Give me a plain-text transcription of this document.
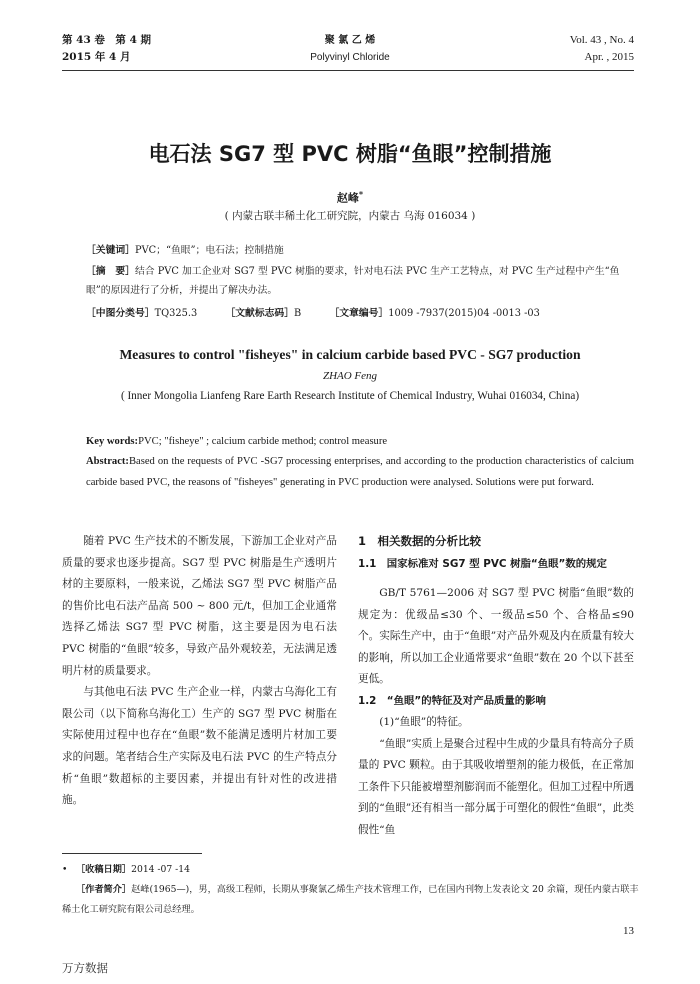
第 43 卷　第 4 期
2015 年 4 月
聚 氯 乙 烯
Polyvinyl Chloride
Vol. 43 , No. 4
Apr. , 2015
电石法 SG7 型 PVC 树脂“鱼眼”控制措施
赵峰*
( 内蒙古联丰稀土化工研究院，内蒙古 乌海 016034 )
［关键词］PVC；“鱼眼”；电石法；控制措施
［摘　要］结合 PVC 加工企业对 SG7 型 PVC 树脂的要求，针对电石法 PVC 生产工艺特点，对 PVC 生产过程中产生“鱼眼”的原因进行了分析，并提出了解决办法。
［中图分类号］TQ325.3	［文献标志码］B	［文章编号］1009 -7937(2015)04 -0013 -03
Measures to control "fisheyes" in calcium carbide based PVC - SG7 production
ZHAO Feng
( Inner Mongolia Lianfeng Rare Earth Research Institute of Chemical Industry, Wuhai 016034, China)
Key words:PVC; "fisheye" ; calcium carbide method; control measure
Abstract:Based on the requests of PVC -SG7 processing enterprises, and according to the production characteristics of calcium carbide based PVC, the reasons of "fisheyes" generating in PVC production were analysed. Solutions were put forward.

随着 PVC 生产技术的不断发展，下游加工企业对产品质量的要求也逐步提高。SG7 型 PVC 树脂是生产透明片材的主要原料，一般来说，乙烯法 SG7 型 PVC 树脂产品的售价比电石法产品高 500 ~ 800 元/t，但加工企业通常选择乙烯法 SG7 型 PVC 树脂，这主要是因为电石法 PVC 树脂的“鱼眼”较多，导致产品外观较差，无法满足透明片材的质量要求。

与其他电石法 PVC 生产企业一样，内蒙古乌海化工有限公司（以下简称乌海化工）生产的 SG7 型 PVC 树脂在实际使用过程中也存在“鱼眼”数不能满足透明片材加工要求的问题。笔者结合生产实际及电石法 PVC 的生产特点分析“鱼眼”数超标的主要因素，并提出有针对性的改进措施。

1　相关数据的分析比较
1.1　国家标准对 SG7 型 PVC 树脂“鱼眼”数的规定

GB/T 5761—2006 对 SG7 型 PVC 树脂“鱼眼”数的规定为：优级品≤30 个、一级品≤50 个、合格品≤90 个。实际生产中，由于“鱼眼”对产品外观及内在质量有较大的影响，所以加工企业通常要求“鱼眼”数在 20 个以下甚至更低。

1.2　“鱼眼”的特征及对产品质量的影响

(1)“鱼眼”的特征。

“鱼眼”实质上是聚合过程中生成的少量具有特高分子质量的 PVC 颗粒。由于其吸收增塑剂的能力极低，在正常加工条件下只能被增塑剂膨润而不能塑化。但加工过程中所遇到的“鱼眼”还有相当一部分属于可塑化的假性“鱼眼”，此类假性“鱼

• ［收稿日期］2014 -07 -14
［作者简介］赵峰(1965—)，男，高级工程师，长期从事聚氯乙烯生产技术管理工作，已在国内刊物上发表论文 20 余篇，现任内蒙古联丰稀土化工研究院有限公司总经理。
13
万方数据
